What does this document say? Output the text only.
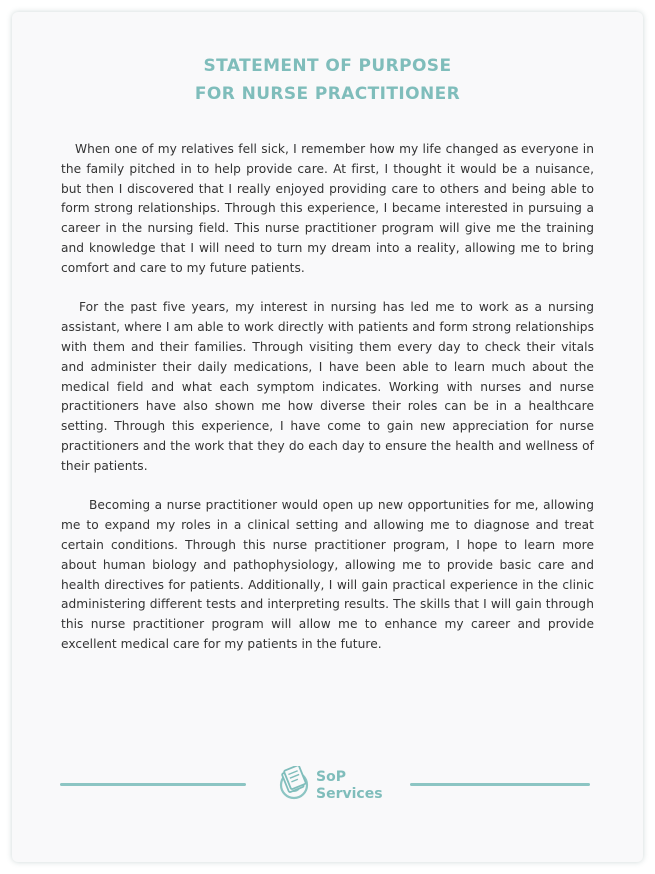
STATEMENT OF PURPOSE
FOR NURSE PRACTITIONER

When one of my relatives fell sick, I remember how my life changed as everyone in the family pitched in to help provide care. At first, I thought it would be a nuisance, but then I discovered that I really enjoyed providing care to others and being able to form strong relationships. Through this experience, I became interested in pursuing a career in the nursing field. This nurse practitioner program will give me the training and knowledge that I will need to turn my dream into a reality, allowing me to bring comfort and care to my future patients.

For the past five years, my interest in nursing has led me to work as a nursing assistant, where I am able to work directly with patients and form strong relationships with them and their families. Through visiting them every day to check their vitals and administer their daily medications, I have been able to learn much about the medical field and what each symptom indicates. Working with nurses and nurse practitioners have also shown me how diverse their roles can be in a healthcare setting. Through this experience, I have come to gain new appreciation for nurse practitioners and the work that they do each day to ensure the health and wellness of their patients.

Becoming a nurse practitioner would open up new opportunities for me, allowing me to expand my roles in a clinical setting and allowing me to diagnose and treat certain conditions. Through this nurse practitioner program, I hope to learn more about human biology and pathophysiology, allowing me to provide basic care and health directives for patients. Additionally, I will gain practical experience in the clinic administering different tests and interpreting results. The skills that I will gain through this nurse practitioner program will allow me to enhance my career and provide excellent medical care for my patients in the future.

SoP
Services
